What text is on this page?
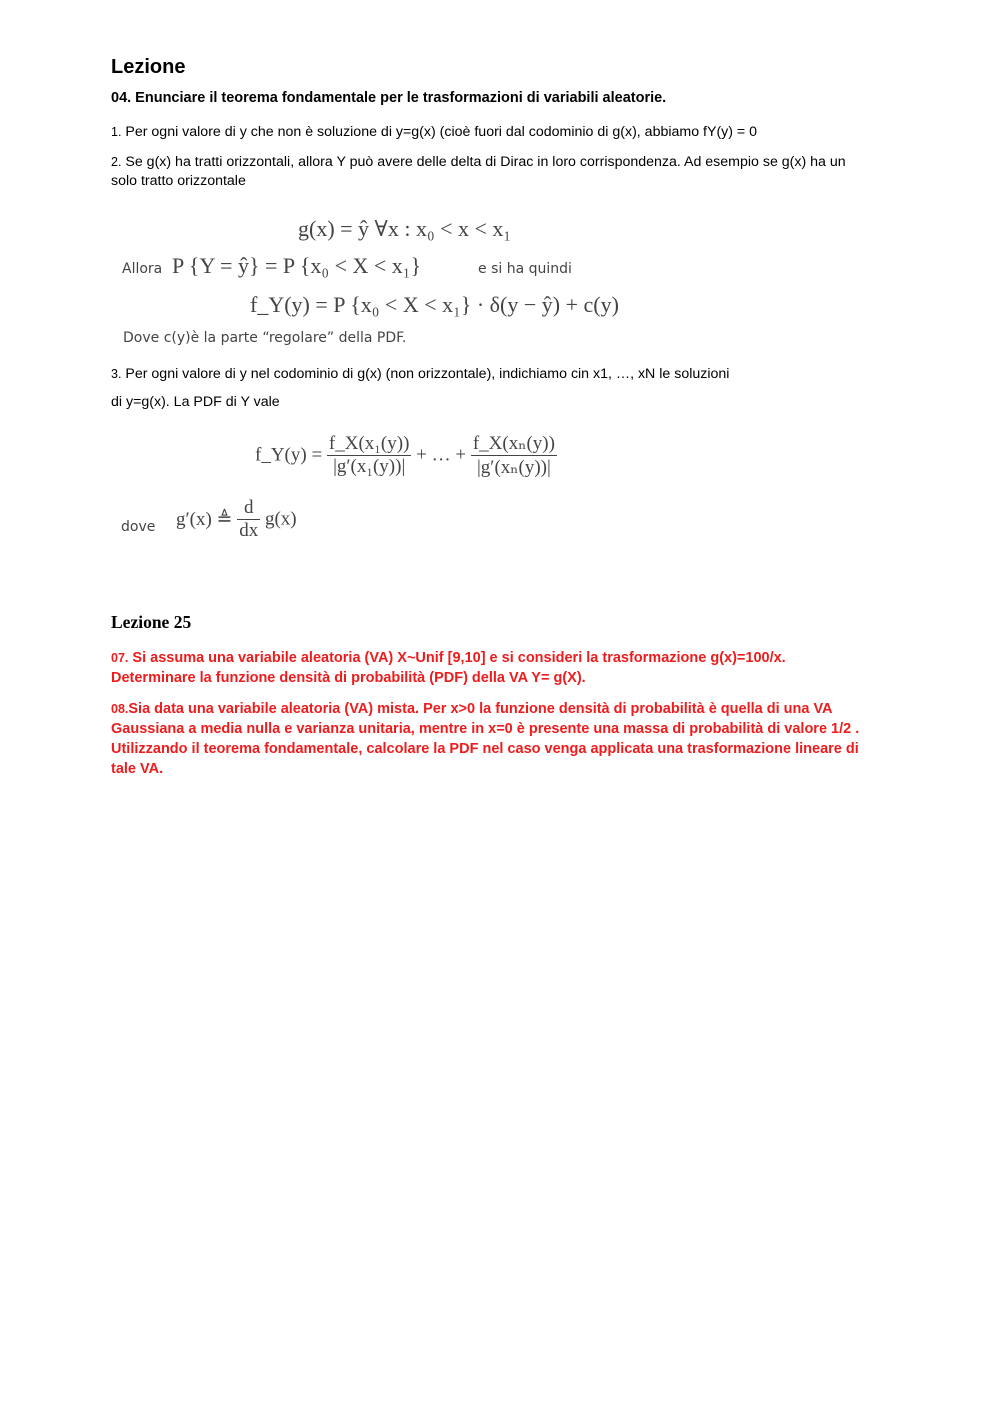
Lezione
04. Enunciare il teorema fondamentale per le trasformazioni di variabili aleatorie.
1. Per ogni valore di y che non è soluzione di y=g(x) (cioè fuori dal codominio di g(x), abbiamo fY(y) = 0
2. Se g(x) ha tratti orizzontali, allora Y può avere delle delta di Dirac in loro corrispondenza. Ad esempio se g(x) ha un solo tratto orizzontale
g(x) = ŷ ∀x : x₀ < x < x₁
Allora P {Y = ŷ} = P {x₀ < X < x₁}	e si ha quindi
f_Y(y) = P {x₀ < X < x₁} · δ(y − ŷ) + c(y)
Dove c(y)è la parte “regolare” della PDF.
3. Per ogni valore di y nel codominio di g(x) (non orizzontale), indichiamo cin x1, …, xN le soluzioni
di y=g(x). La PDF di Y vale
f_Y(y) = $\frac{\text{f\_X(x₁(y))}}{\text{|g′(x₁(y))|}}$ + … + $\frac{\text{f\_X(xₙ(y))}}{\text{|g′(xₙ(y))|}}$
dove g′(x) ≜ $\frac{d}{dx} g(x)$
Lezione 25
07. Si assuma una variabile aleatoria (VA) X~Unif [9,10] e si consideri la trasformazione g(x)=100/x. Determinare la funzione densità di probabilità (PDF) della VA Y= g(X).
08.Sia data una variabile aleatoria (VA) mista. Per x>0 la funzione densità di probabilità è quella di una VA Gaussiana a media nulla e varianza unitaria, mentre in x=0 è presente una massa di probabilità di valore 1/2 . Utilizzando il teorema fondamentale, calcolare la PDF nel caso venga applicata una trasformazione lineare di tale VA.
